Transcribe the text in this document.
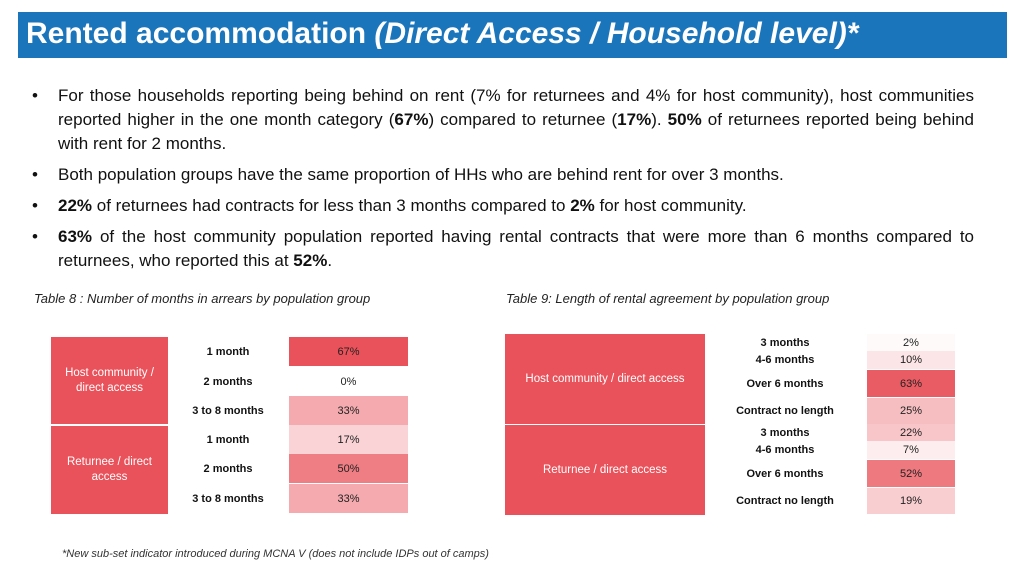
Rented accommodation (Direct Access / Household level)*
• For those households reporting being behind on rent (7% for returnees and 4% for host community), host communities reported higher in the one month category (67%) compared to returnee (17%). 50% of returnees reported being behind with rent for 2 months.
• Both population groups have the same proportion of HHs who are behind rent for over 3 months.
• 22% of returnees had contracts for less than 3 months compared to 2% for host community.
• 63% of the host community population reported having rental contracts that were more than 6 months compared to returnees, who reported this at 52%.
Table 8 : Number of months in arrears by population group	Table 9: Length of rental agreement by population group
Host community / direct access
1 month	67%
2 months	0%
3 to 8 months	33%
Returnee / direct access
1 month	17%
2 months	50%
3 to 8 months	33%
Host community / direct access
3 months	2%
4-6 months	10%
Over 6 months	63%
Contract no length	25%
Returnee / direct access
3 months	22%
4-6 months	7%
Over 6 months	52%
Contract no length	19%
*New sub-set indicator introduced during MCNA V (does not include IDPs out of camps)
